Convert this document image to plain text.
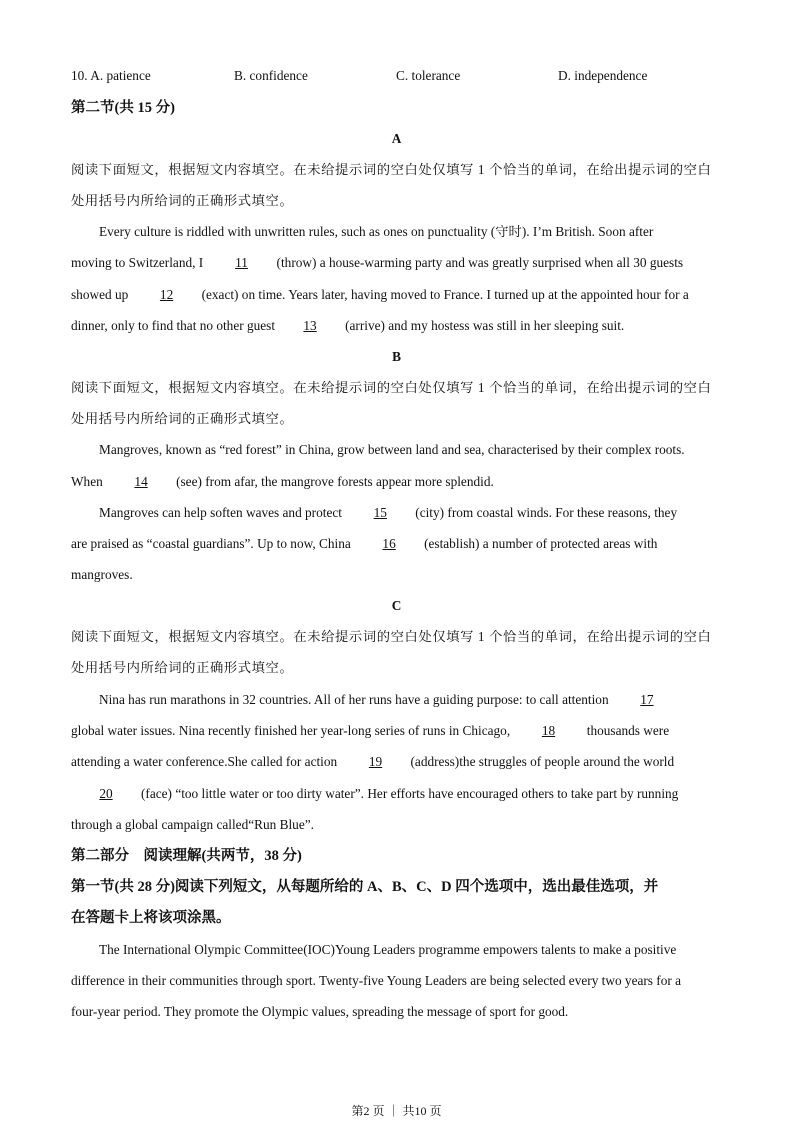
10. A. patience	B. confidence	C. tolerance	D. independence
第二节(共 15 分)
A
阅读下面短文，根据短文内容填空。在未给提示词的空白处仅填写 1 个恰当的单词，在给出提示词的空白
处用括号内所给词的正确形式填空。
Every culture is riddled with unwritten rules, such as ones on punctuality (守时). I’m British. Soon after
moving to Switzerland, I 11 (throw) a house-warming party and was greatly surprised when all 30 guests
showed up 12 (exact) on time. Years later, having moved to France. I turned up at the appointed hour for a
dinner, only to find that no other guest 13 (arrive) and my hostess was still in her sleeping suit.
B
阅读下面短文，根据短文内容填空。在未给提示词的空白处仅填写 1 个恰当的单词，在给出提示词的空白
处用括号内所给词的正确形式填空。
Mangroves, known as “red forest” in China, grow between land and sea, characterised by their complex roots.
When 14 (see) from afar, the mangrove forests appear more splendid.
Mangroves can help soften waves and protect 15 (city) from coastal winds. For these reasons, they
are praised as “coastal guardians”. Up to now, China 16 (establish) a number of protected areas with
mangroves.
C
阅读下面短文，根据短文内容填空。在未给提示词的空白处仅填写 1 个恰当的单词，在给出提示词的空白
处用括号内所给词的正确形式填空。
Nina has run marathons in 32 countries. All of her runs have a guiding purpose: to call attention 17
global water issues. Nina recently finished her year-long series of runs in Chicago, 18 thousands were
attending a water conference.She called for action 19 (address)the struggles of people around the world
20 (face) “too little water or too dirty water”. Her efforts have encouraged others to take part by running
through a global campaign called“Run Blue”.
第二部分　阅读理解(共两节，38 分)
第一节(共 28 分)阅读下列短文，从每题所给的 A、B、C、D 四个选项中，选出最佳选项，并
在答题卡上将该项涂黑。
The International Olympic Committee(IOC)Young Leaders programme empowers talents to make a positive
difference in their communities through sport. Twenty-five Young Leaders are being selected every two years for a
four-year period. They promote the Olympic values, spreading the message of sport for good.
第2 页 ｜ 共10 页
